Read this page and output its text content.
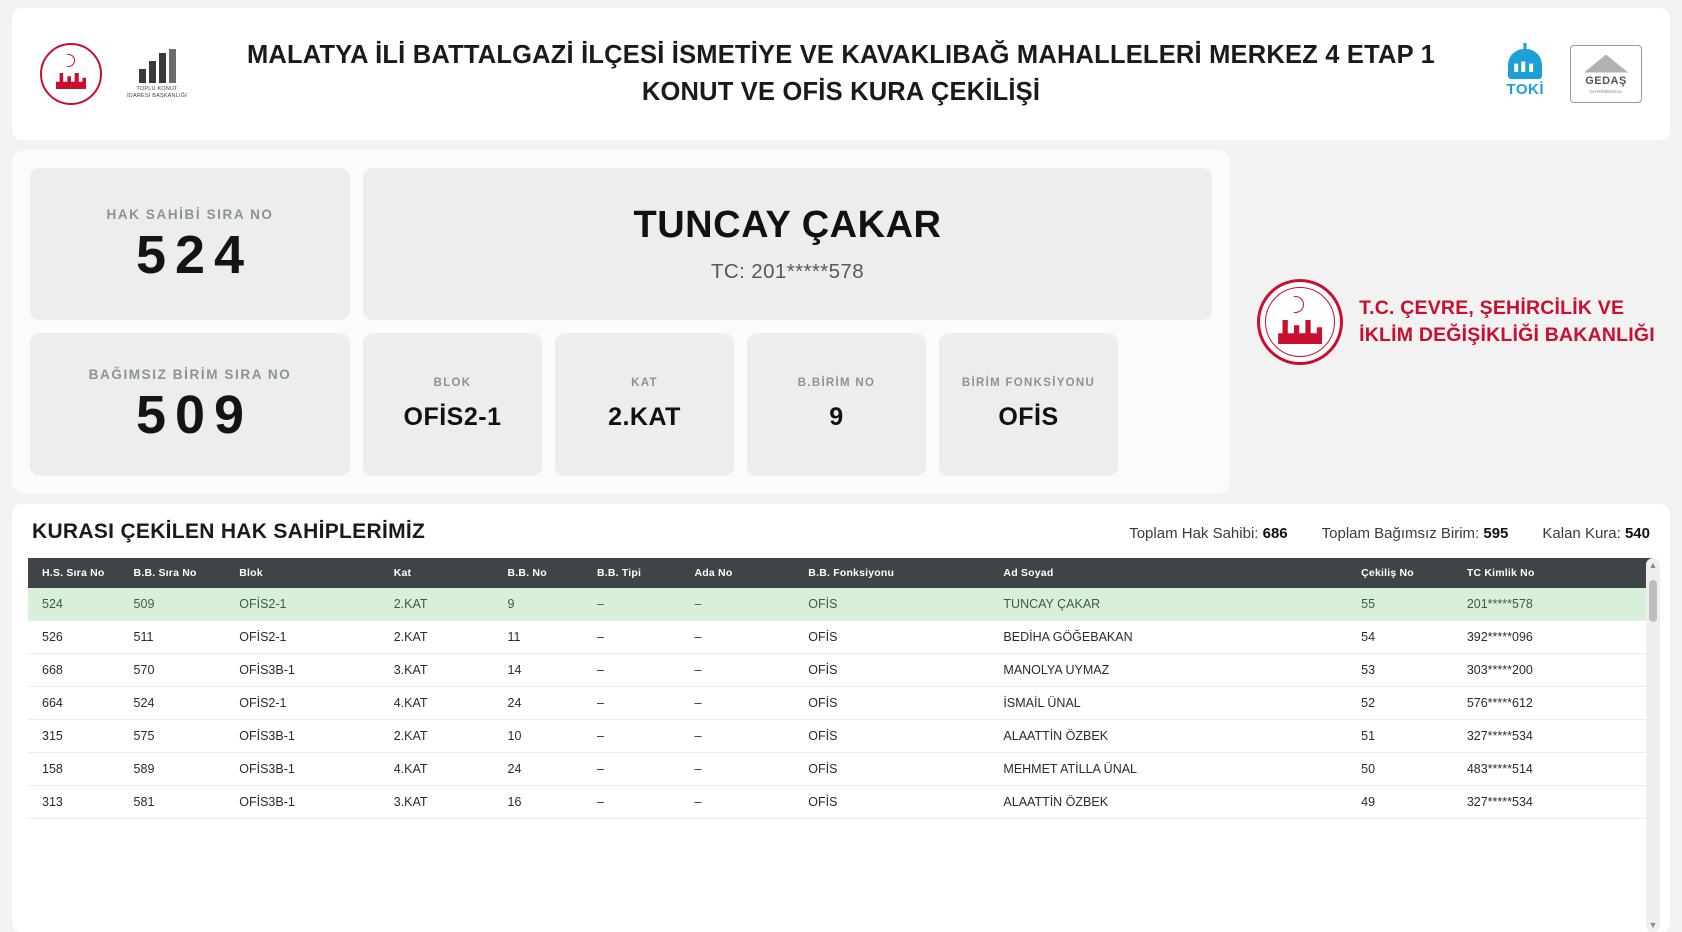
TOPLU KONUT İDARESİ BAŞKANLIĞI
MALATYA İLİ BATTALGAZİ İLÇESİ İSMETİYE VE KAVAKLIBAĞ MAHALLELERİ MERKEZ 4 ETAP 1 KONUT VE OFİS KURA ÇEKİLİŞİ	TOKİ
GEDAŞ
GAYRİMENKUL
HAK SAHİBİ SIRA NO
524	TUNCAY ÇAKAR
TC: 201*****578
BAĞIMSIZ BİRİM SIRA NO
509
BLOK
OFİS2-1
KAT
2.KAT
B.BİRİM NO
9
BİRİM FONKSİYONU
OFİS
T.C. ÇEVRE, ŞEHİRCİLİK VE
İKLİM DEĞİŞİKLİĞİ BAKANLIĞI
KURASI ÇEKİLEN HAK SAHİPLERİMİZ	Toplam Hak Sahibi: 686 Toplam Bağımsız Birim: 595 Kalan Kura: 540
H.S. Sıra No	B.B. Sıra No	Blok	Kat	B.B. No	B.B. Tipi	Ada No	B.B. Fonksiyonu	Ad Soyad	Çekiliş No	TC Kimlik No
524	509	OFİS2-1	2.KAT	9	–	–	OFİS	TUNCAY ÇAKAR	55	201*****578
526	511	OFİS2-1	2.KAT	11	–	–	OFİS	BEDİHA GÖĞEBAKAN	54	392*****096
668	570	OFİS3B-1	3.KAT	14	–	–	OFİS	MANOLYA UYMAZ	53	303*****200
664	524	OFİS2-1	4.KAT	24	–	–	OFİS	İSMAİL ÜNAL	52	576*****612
315	575	OFİS3B-1	2.KAT	10	–	–	OFİS	ALAATTİN ÖZBEK	51	327*****534
158	589	OFİS3B-1	4.KAT	24	–	–	OFİS	MEHMET ATİLLA ÜNAL	50	483*****514
313	581	OFİS3B-1	3.KAT	16	–	–	OFİS	ALAATTİN ÖZBEK	49	327*****534
▲
▼
